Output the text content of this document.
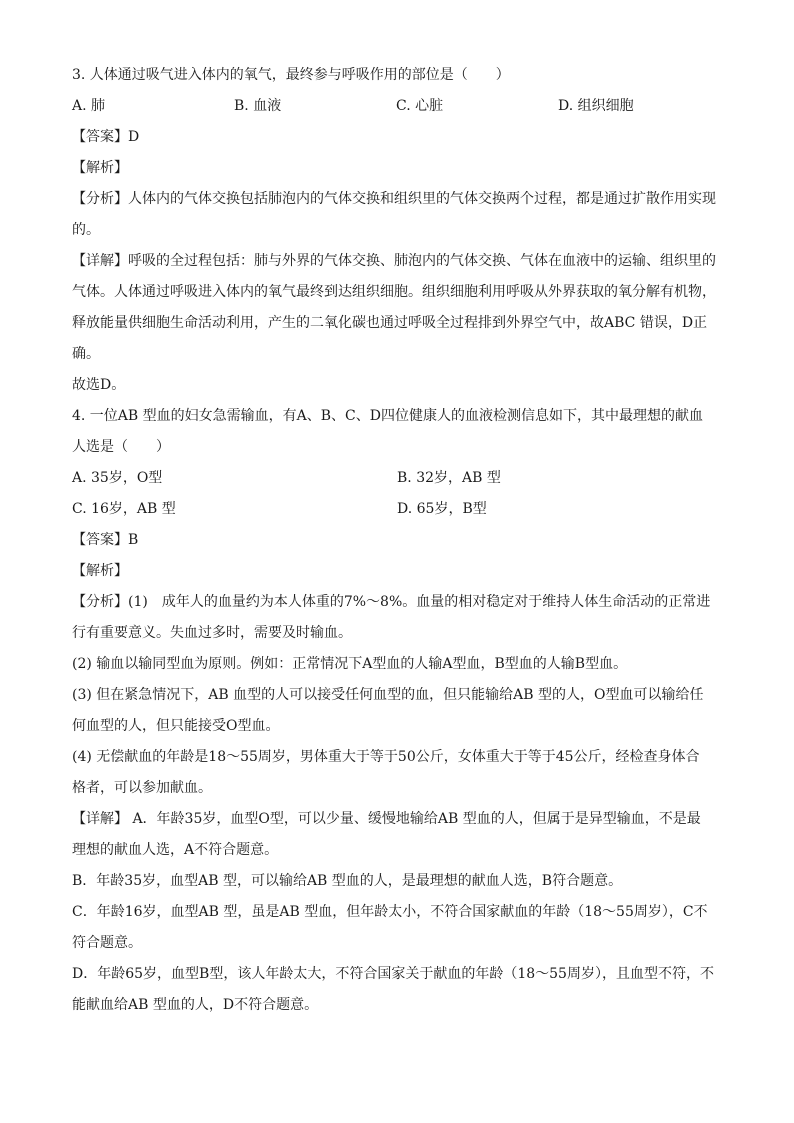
3. 人体通过吸气进入体内的氧气，最终参与呼吸作用的部位是（　　）
A. 肺	B. 血液	C. 心脏	D. 组织细胞
【答案】D
【解析】
【分析】人体内的气体交换包括肺泡内的气体交换和组织里的气体交换两个过程，都是通过扩散作用实现
的。
【详解】呼吸的全过程包括：肺与外界的气体交换、肺泡内的气体交换、气体在血液中的运输、组织里的
气体。人体通过呼吸进入体内的氧气最终到达组织细胞。组织细胞利用呼吸从外界获取的氧分解有机物，
释放能量供细胞生命活动利用，产生的二氧化碳也通过呼吸全过程排到外界空气中，故ABC 错误，D正
确。
故选D。
4. 一位AB 型血的妇女急需输血，有A、B、C、D四位健康人的血液检测信息如下，其中最理想的献血
人选是（　　）
A. 35岁，O型	B. 32岁，AB 型
C. 16岁，AB 型	D. 65岁，B型
【答案】B
【解析】
【分析】(1)　成年人的血量约为本人体重的7%～8%。血量的相对稳定对于维持人体生命活动的正常进
行有重要意义。失血过多时，需要及时输血。
(2) 输血以输同型血为原则。例如：正常情况下A型血的人输A型血，B型血的人输B型血。
(3) 但在紧急情况下，AB 血型的人可以接受任何血型的血，但只能输给AB 型的人，O型血可以输给任
何血型的人，但只能接受O型血。
(4) 无偿献血的年龄是18～55周岁，男体重大于等于50公斤，女体重大于等于45公斤，经检查身体合
格者，可以参加献血。
【详解】 A．年龄35岁，血型O型，可以少量、缓慢地输给AB 型血的人，但属于是异型输血，不是最
理想的献血人选，A不符合题意。
B．年龄35岁，血型AB 型，可以输给AB 型血的人，是最理想的献血人选，B符合题意。
C．年龄16岁，血型AB 型，虽是AB 型血，但年龄太小，不符合国家献血的年龄（18～55周岁），C不
符合题意。
D．年龄65岁，血型B型，该人年龄太大，不符合国家关于献血的年龄（18～55周岁），且血型不符，不
能献血给AB 型血的人，D不符合题意。
